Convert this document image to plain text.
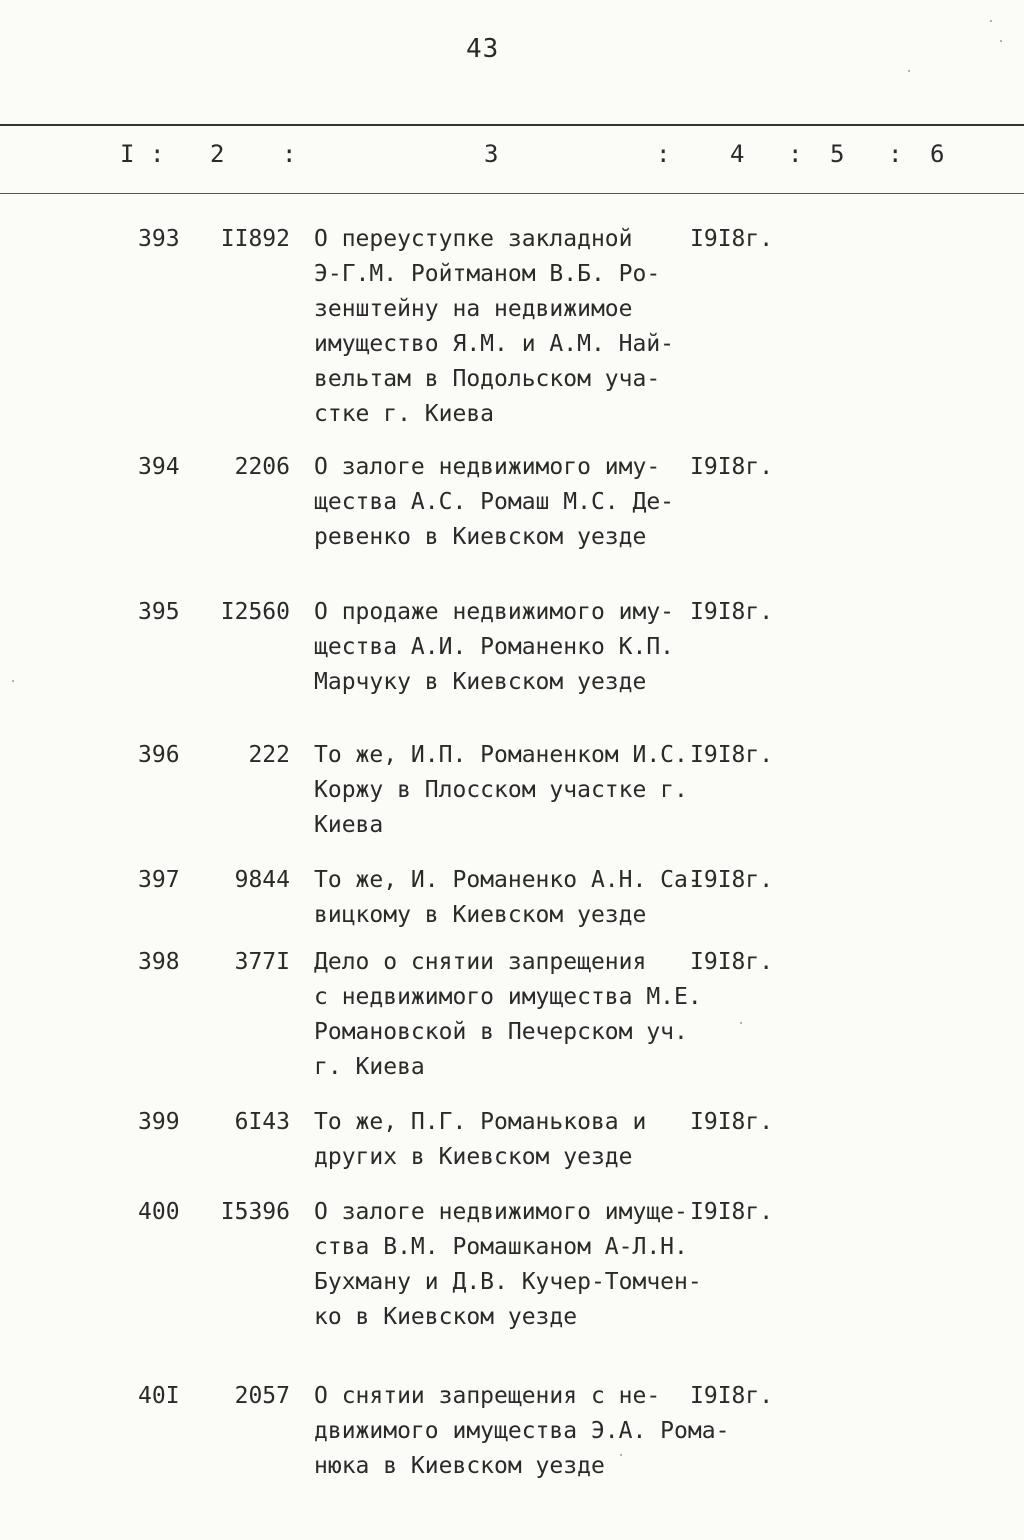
43
I : 2 :	3	: 4 : 5 : 6
393	II892 О переуступке закладной
Э-Г.М. Ройтманом В.Б. Ро-
зенштейну на недвижимое
имущество Я.М. и А.М. Най-
вельтам в Подольском уча-
стке г. Киева
I9I8г.
394	2206 О залоге недвижимого иму-
щества А.С. Ромаш М.С. Де-
ревенко в Киевском уезде
I9I8г.
395	I2560 О продаже недвижимого иму-
щества А.И. Романенко К.П.
Марчуку в Киевском уезде
I9I8г.
396	222 То же, И.П. Романенком И.С.
Коржу в Плосском участке г.
Киева
I9I8г.
397	9844 То же, И. Романенко А.Н. Са-
вицкому в Киевском уезде
I9I8г.
398	377I Дело о снятии запрещения
с недвижимого имущества М.Е.
Романовской в Печерском уч.
г. Киева
I9I8г.
399	6I43 То же, П.Г. Романькова и
других в Киевском уезде
I9I8г.
400	I5396 О залоге недвижимого имуще-
ства В.М. Ромашканом А-Л.Н.
Бухману и Д.В. Кучер-Томчен-
ко в Киевском уезде
I9I8г.
40I	2057 О снятии запрещения с не-
движимого имущества Э.А. Рома-
нюка в Киевском уезде
I9I8г.
